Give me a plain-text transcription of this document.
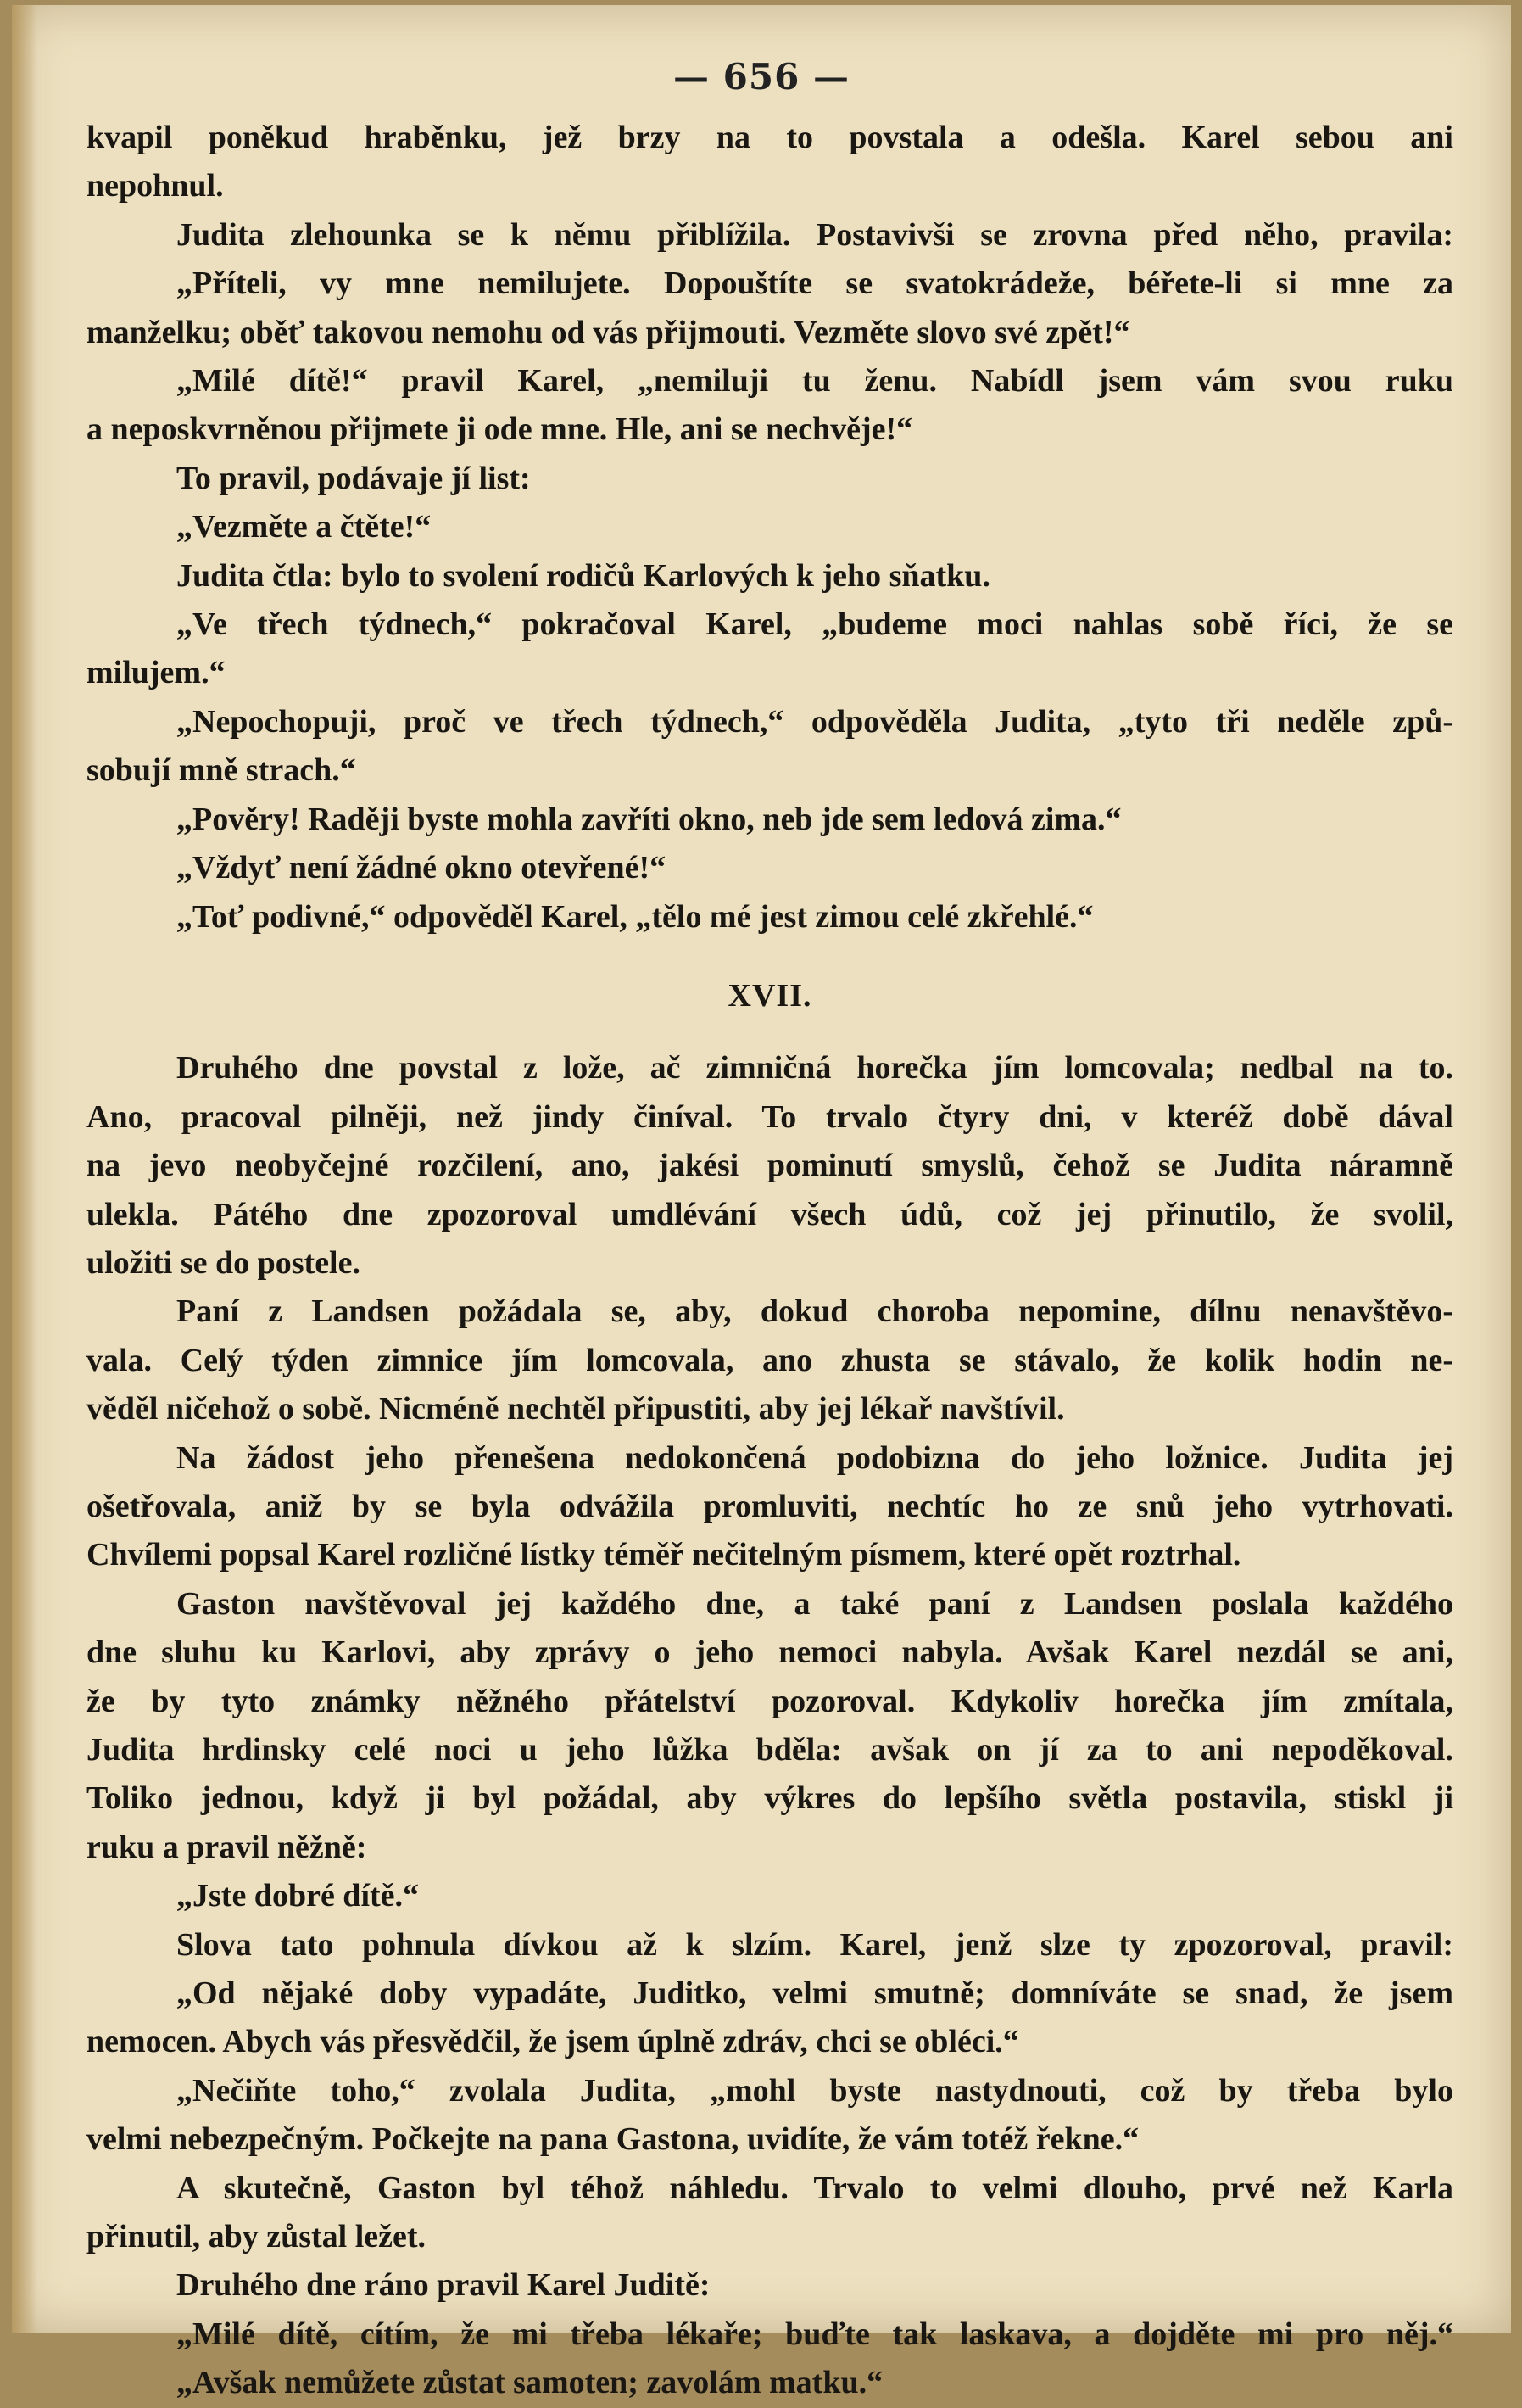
— 656 —
kvapil poněkud hraběnku, jež brzy na to povstala a odešla. Karel sebou ani
nepohnul.
Judita zlehounka se k němu přiblížila. Postavivši se zrovna před něho, pravila:
„Příteli, vy mne nemilujete. Dopouštíte se svatokrádeže, béřete-li si mne za
manželku; oběť takovou nemohu od vás přijmouti. Vezměte slovo své zpět!“
„Milé dítě!“ pravil Karel, „nemiluji tu ženu. Nabídl jsem vám svou ruku
a neposkvrněnou přijmete ji ode mne. Hle, ani se nechvěje!“
To pravil, podávaje jí list:
„Vezměte a čtěte!“
Judita čtla: bylo to svolení rodičů Karlových k jeho sňatku.
„Ve třech týdnech,“ pokračoval Karel, „budeme moci nahlas sobě říci, že se
milujem.“
„Nepochopuji, proč ve třech týdnech,“ odpověděla Judita, „tyto tři neděle způ-
sobují mně strach.“
„Pověry! Raději byste mohla zavříti okno, neb jde sem ledová zima.“
„Vždyť není žádné okno otevřené!“
„Toť podivné,“ odpověděl Karel, „tělo mé jest zimou celé zkřehlé.“
XVII.
Druhého dne povstal z lože, ač zimničná horečka jím lomcovala; nedbal na to.
Ano, pracoval pilněji, než jindy činíval. To trvalo čtyry dni, v kteréž době dával
na jevo neobyčejné rozčilení, ano, jakési pominutí smyslů, čehož se Judita náramně
ulekla. Pátého dne zpozoroval umdlévání všech údů, což jej přinutilo, že svolil,
uložiti se do postele.
Paní z Landsen požádala se, aby, dokud choroba nepomine, dílnu nenavštěvo-
vala. Celý týden zimnice jím lomcovala, ano zhusta se stávalo, že kolik hodin ne-
věděl ničehož o sobě. Nicméně nechtěl připustiti, aby jej lékař navštívil.
Na žádost jeho přenešena nedokončená podobizna do jeho ložnice. Judita jej
ošetřovala, aniž by se byla odvážila promluviti, nechtíc ho ze snů jeho vytrhovati.
Chvílemi popsal Karel rozličné lístky téměř nečitelným písmem, které opět roztrhal.
Gaston navštěvoval jej každého dne, a také paní z Landsen poslala každého
dne sluhu ku Karlovi, aby zprávy o jeho nemoci nabyla. Avšak Karel nezdál se ani,
že by tyto známky něžného přátelství pozoroval. Kdykoliv horečka jím zmítala,
Judita hrdinsky celé noci u jeho lůžka bděla: avšak on jí za to ani nepoděkoval.
Toliko jednou, když ji byl požádal, aby výkres do lepšího světla postavila, stiskl ji
ruku a pravil něžně:
„Jste dobré dítě.“
Slova tato pohnula dívkou až k slzím. Karel, jenž slze ty zpozoroval, pravil:
„Od nějaké doby vypadáte, Juditko, velmi smutně; domníváte se snad, že jsem
nemocen. Abych vás přesvědčil, že jsem úplně zdráv, chci se obléci.“
„Nečiňte toho,“ zvolala Judita, „mohl byste nastydnouti, což by třeba bylo
velmi nebezpečným. Počkejte na pana Gastona, uvidíte, že vám totéž řekne.“
A skutečně, Gaston byl téhož náhledu. Trvalo to velmi dlouho, prvé než Karla
přinutil, aby zůstal ležet.
Druhého dne ráno pravil Karel Juditě:
„Milé dítě, cítím, že mi třeba lékaře; buďte tak laskava, a dojděte mi pro něj.“
„Avšak nemůžete zůstat samoten; zavolám matku.“
